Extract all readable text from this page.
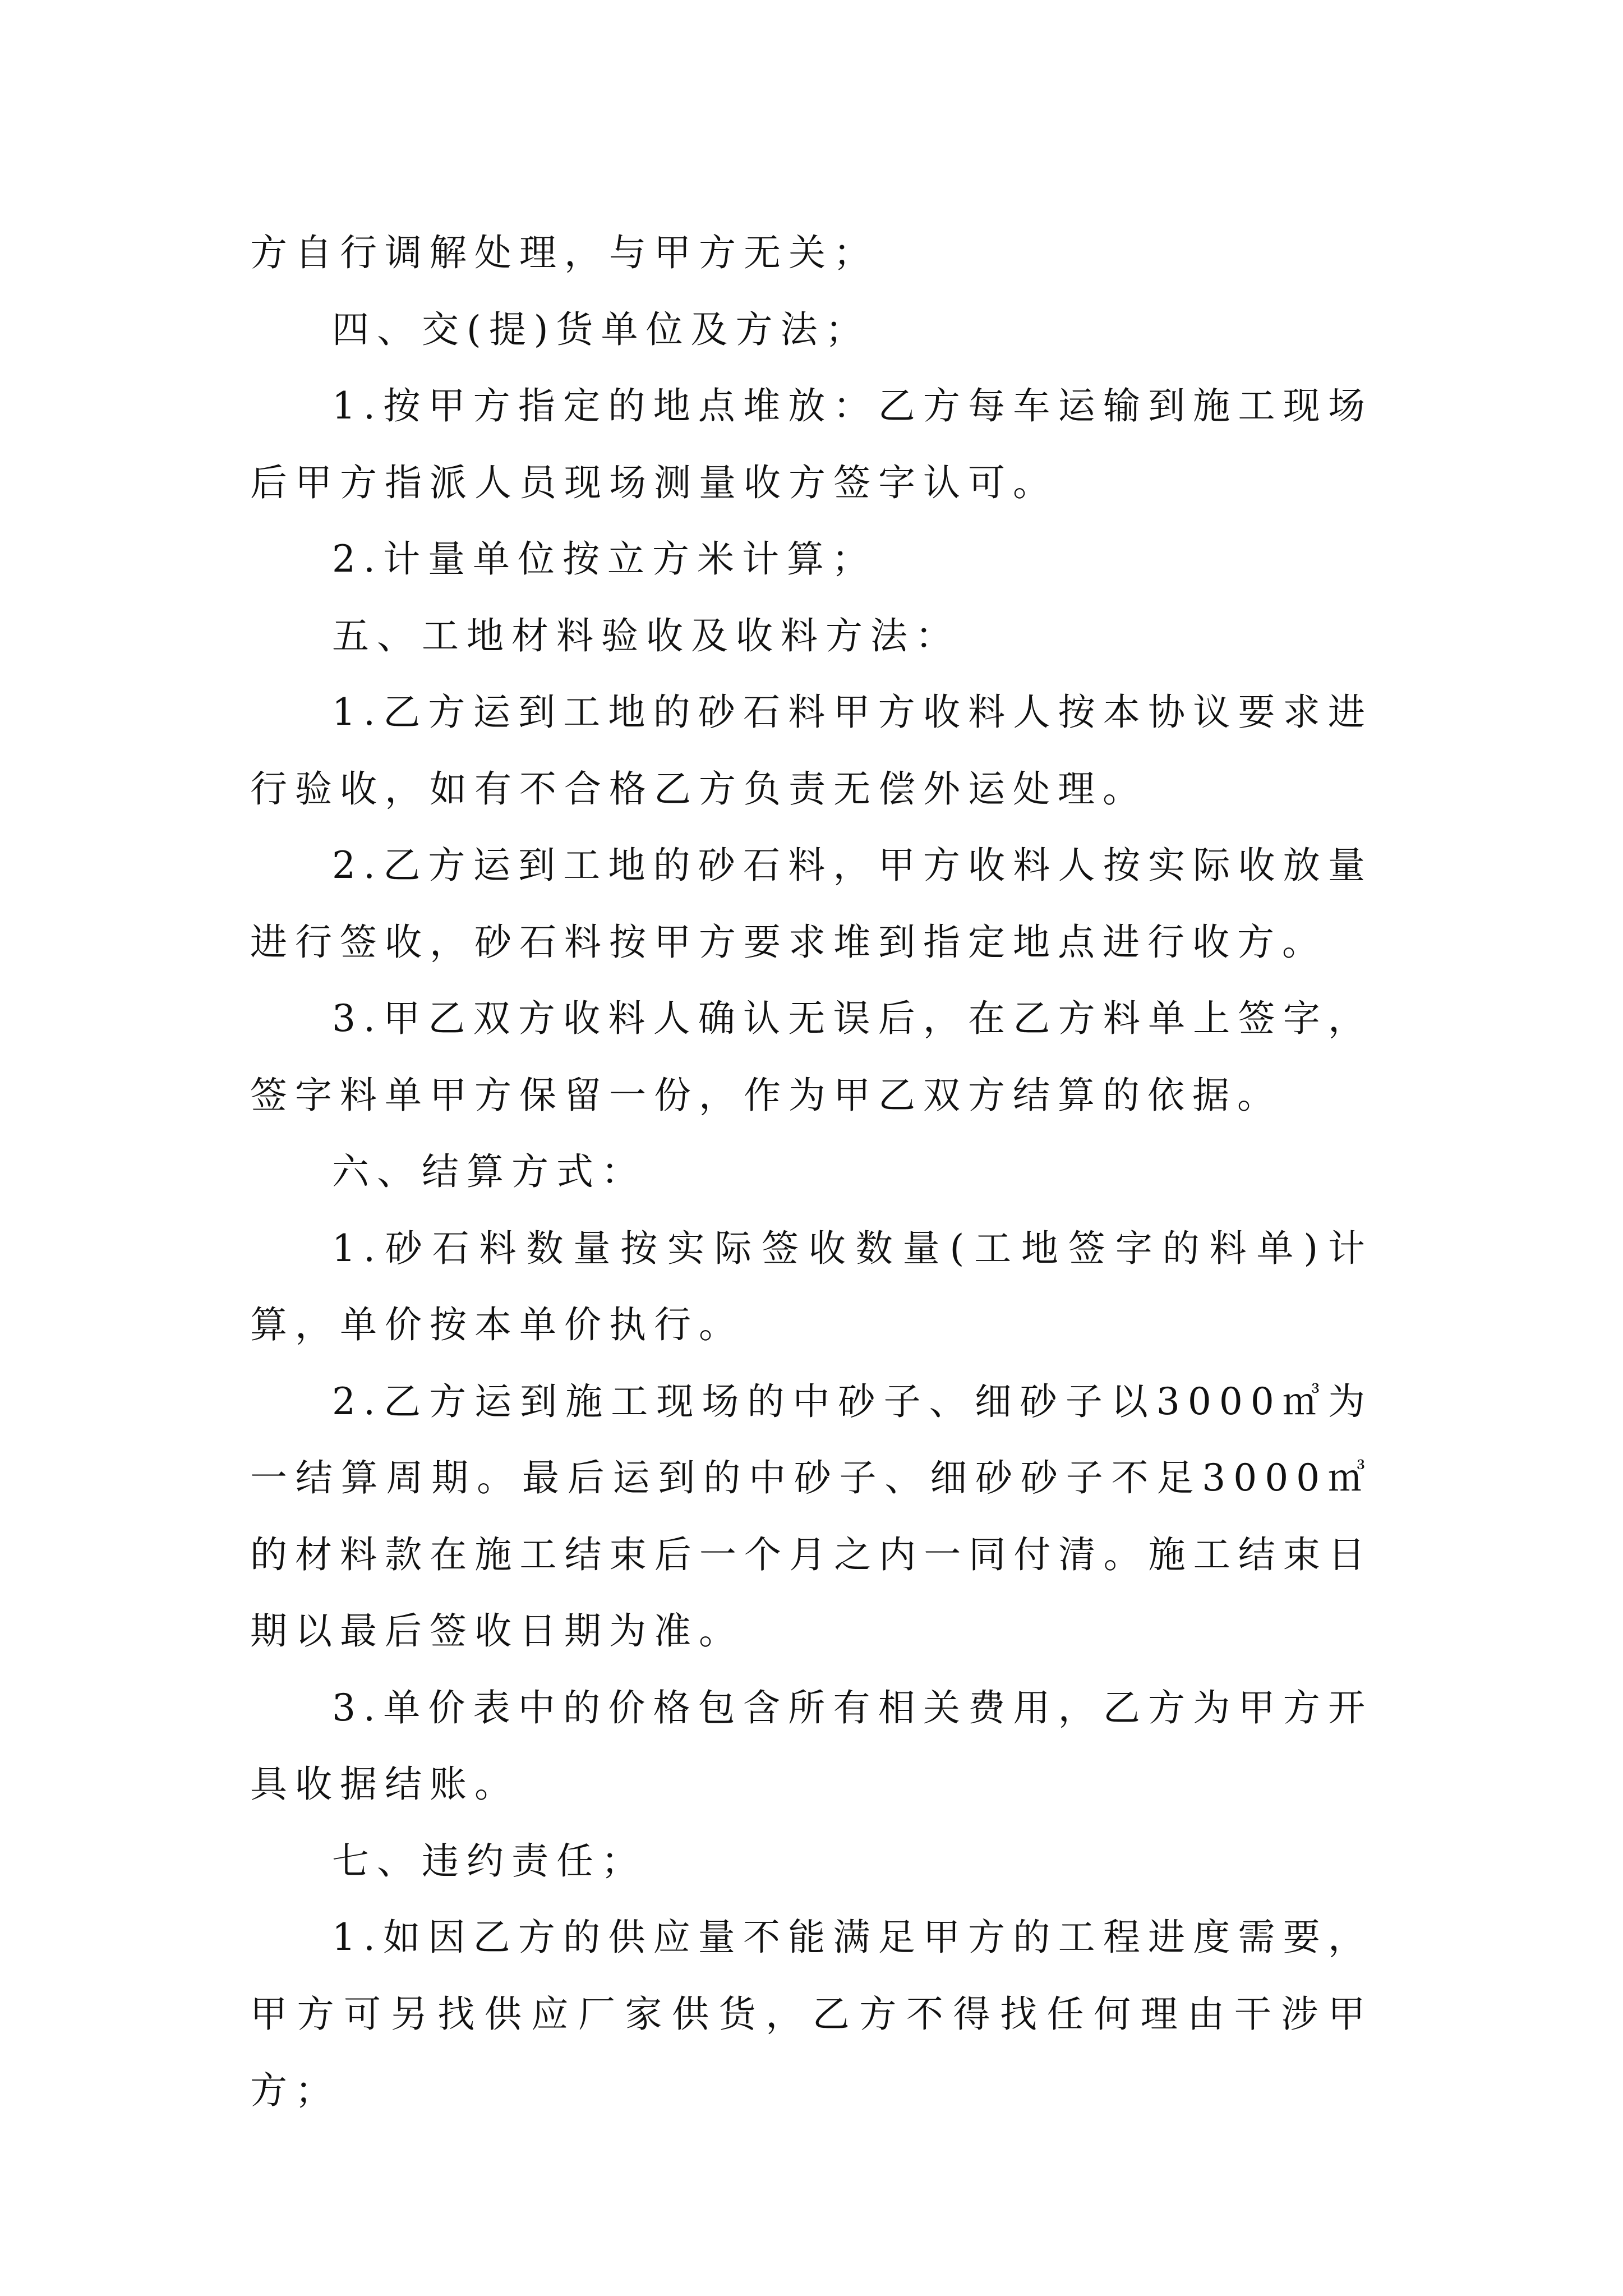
方自行调解处理，与甲方无关；

四、交(提)货单位及方法；

1.按甲方指定的地点堆放：乙方每车运输到施工现场后甲方指派人员现场测量收方签字认可。

2.计量单位按立方米计算；

五、工地材料验收及收料方法：

1.乙方运到工地的砂石料甲方收料人按本协议要求进行验收，如有不合格乙方负责无偿外运处理。

2.乙方运到工地的砂石料，甲方收料人按实际收放量进行签收，砂石料按甲方要求堆到指定地点进行收方。

3.甲乙双方收料人确认无误后，在乙方料单上签字，签字料单甲方保留一份，作为甲乙双方结算的依据。

六、结算方式：

1.砂石料数量按实际签收数量(工地签字的料单)计算，单价按本单价执行。

2.乙方运到施工现场的中砂子、细砂子以3000㎥为一结算周期。最后运到的中砂子、细砂砂子不足3000㎥的材料款在施工结束后一个月之内一同付清。施工结束日期以最后签收日期为准。

3.单价表中的价格包含所有相关费用，乙方为甲方开具收据结账。

七、违约责任；

1.如因乙方的供应量不能满足甲方的工程进度需要，甲方可另找供应厂家供货，乙方不得找任何理由干涉甲方；
